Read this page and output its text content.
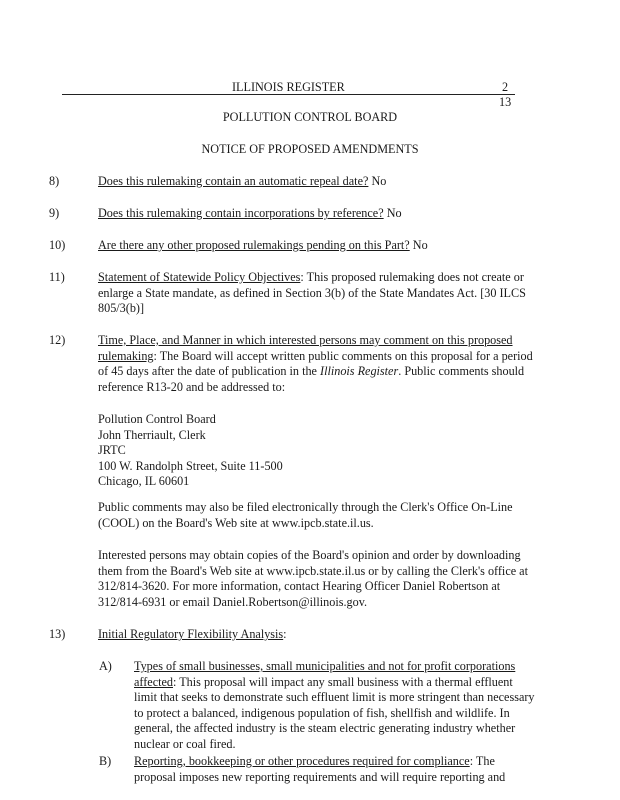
ILLINOIS REGISTER	2
13
POLLUTION CONTROL BOARD
NOTICE OF PROPOSED AMENDMENTS
8)	Does this rulemaking contain an automatic repeal date? No
9)	Does this rulemaking contain incorporations by reference? No
10)	Are there any other proposed rulemakings pending on this Part? No
11)	Statement of Statewide Policy Objectives: This proposed rulemaking does not create or enlarge a State mandate, as defined in Section 3(b) of the State Mandates Act. [30 ILCS 805/3(b)]
12)	Time, Place, and Manner in which interested persons may comment on this proposed rulemaking: The Board will accept written public comments on this proposal for a period of 45 days after the date of publication in the Illinois Register. Public comments should reference R13-20 and be addressed to:

Pollution Control Board
John Therriault, Clerk
JRTC
100 W. Randolph Street, Suite 11-500
Chicago, IL 60601
Public comments may also be filed electronically through the Clerk's Office On-Line (COOL) on the Board's Web site at www.ipcb.state.il.us.
Interested persons may obtain copies of the Board's opinion and order by downloading them from the Board's Web site at www.ipcb.state.il.us or by calling the Clerk's office at 312/814-3620. For more information, contact Hearing Officer Daniel Robertson at 312/814-6931 or email Daniel.Robertson@illinois.gov.
13)	Initial Regulatory Flexibility Analysis:
A) Types of small businesses, small municipalities and not for profit corporations affected: This proposal will impact any small business with a thermal effluent limit that seeks to demonstrate such effluent limit is more stringent than necessary to protect a balanced, indigenous population of fish, shellfish and wildlife. In general, the affected industry is the steam electric generating industry whether nuclear or coal fired.
B) Reporting, bookkeeping or other procedures required for compliance: The proposal imposes new reporting requirements and will require reporting and
